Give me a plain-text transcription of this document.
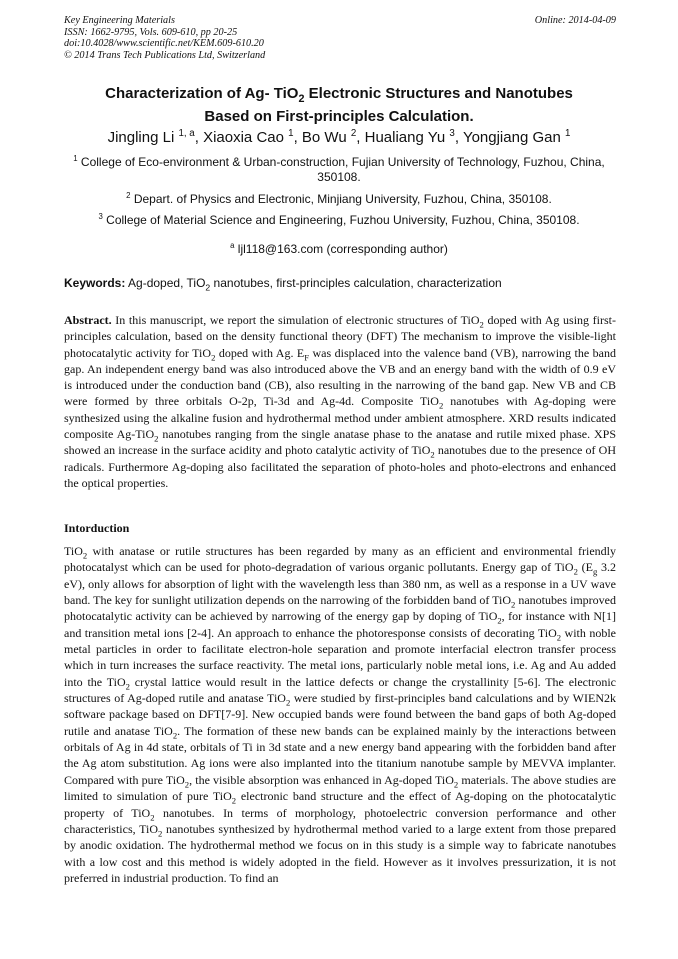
Key Engineering Materials
ISSN: 1662-9795, Vols. 609-610, pp 20-25
doi:10.4028/www.scientific.net/KEM.609-610.20
© 2014 Trans Tech Publications Ltd, Switzerland
Online: 2014-04-09
Characterization of Ag- TiO$_2$ Electronic Structures and Nanotubes
Based on First-principles Calculation.
Jingling Li $^{1, a}$, Xiaoxia Cao $^1$, Bo Wu $^2$, Hualiang Yu $^3$, Yongjiang Gan $^1$
$^1$ College of Eco-environment & Urban-construction, Fujian University of Technology, Fuzhou, China,
350108.
$^2$ Depart. of Physics and Electronic, Minjiang University, Fuzhou, China, 350108.
$^3$ College of Material Science and Engineering, Fuzhou University, Fuzhou, China, 350108.
$^a$ ljl118@163.com (corresponding author)
Keywords: Ag-doped, TiO$_2$ nanotubes, first-principles calculation, characterization
Abstract. In this manuscript, we report the simulation of electronic structures of TiO$_2$ doped with Ag using first-principles calculation, based on the density functional theory (DFT) The mechanism to improve the visible-light photocatalytic activity for TiO$_2$ doped with Ag. $E_F$ was displaced into the valence band (VB), narrowing the band gap. An independent energy band was also introduced above the VB and an energy band with the width of 0.9 eV is introduced under the conduction band (CB), also resulting in the narrowing of the band gap. New VB and CB were formed by three orbitals O-2p, Ti-3d and Ag-4d. Composite TiO$_2$ nanotubes with Ag-doping were synthesized using the alkaline fusion and hydrothermal method under ambient atmosphere. XRD results indicated composite Ag-TiO$_2$ nanotubes ranging from the single anatase phase to the anatase and rutile mixed phase. XPS showed an increase in the surface acidity and photo catalytic activity of TiO$_2$ nanotubes due to the presence of OH radicals. Furthermore Ag-doping also facilitated the separation of photo-holes and photo-electrons and enhanced the optical properties.
Intorduction
TiO$_2$ with anatase or rutile structures has been regarded by many as an efficient and environmental friendly photocatalyst which can be used for photo-degradation of various organic pollutants. Energy gap of TiO$_2$ ($E_g$ 3.2 eV), only allows for absorption of light with the wavelength less than 380 nm, as well as a response in a UV wave band. The key for sunlight utilization depends on the narrowing of the forbidden band of TiO$_2$ nanotubes improved photocatalytic activity can be achieved by narrowing of the energy gap by doping of TiO$_2$, for instance with N[1] and transition metal ions [2-4]. An approach to enhance the photoresponse consists of decorating TiO$_2$ with noble metal particles in order to facilitate electron-hole separation and promote interfacial electron transfer process which in turn increases the surface reactivity. The metal ions, particularly noble metal ions, i.e. Ag and Au added into the TiO$_2$ crystal lattice would result in the lattice defects or change the crystallinity [5-6]. The electronic structures of Ag-doped rutile and anatase TiO$_2$ were studied by first-principles band calculations and by WIEN2k software package based on DFT[7-9]. New occupied bands were found between the band gaps of both Ag-doped rutile and anatase TiO$_2$. The formation of these new bands can be explained mainly by the interactions between orbitals of Ag in 4d state, orbitals of Ti in 3d state and a new energy band appearing with the forbidden band after the Ag atom substitution. Ag ions were also implanted into the titanium nanotube sample by MEVVA implanter. Compared with pure TiO$_2$, the visible absorption was enhanced in Ag-doped TiO$_2$ materials. The above studies are limited to simulation of pure TiO$_2$ electronic band structure and the effect of Ag-doping on the photocatalytic property of TiO$_2$ nanotubes. In terms of morphology, photoelectric conversion performance and other characteristics, TiO$_2$ nanotubes synthesized by hydrothermal method varied to a large extent from those prepared by anodic oxidation. The hydrothermal method we focus on in this study is a simple way to fabricate nanotubes with a low cost and this method is widely adopted in the field. However as it involves pressurization, it is not preferred in industrial production. To find an
